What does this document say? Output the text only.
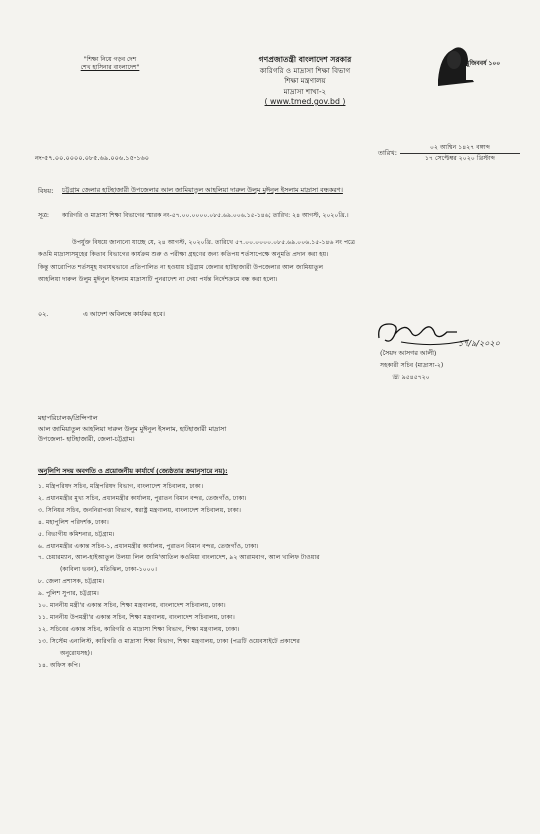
"শিক্ষা নিয়ে গড়ব দেশ
শেখ হাসিনার বাংলাদেশ"
গণপ্রজাতন্ত্রী বাংলাদেশ সরকার
কারিগরি ও মাদ্রাসা শিক্ষা বিভাগ
শিক্ষা মন্ত্রণালয়
মাদ্রাসা শাখা-২
( www.tmed.gov.bd )
মুজিববর্ষ ১০০
নং-৫৭.০০.০০০০.০৮৫.৬৯.০০৬.১৫-১৬০
তারিখ:
০২ আশ্বিন ১৪২৭ বঙ্গাব্দ
১৭ সেপ্টেম্বর ২০২০ খ্রিস্টাব্দ
বিষয়: চট্টগ্রাম জেলার হাটহাজারী উপজেলার আল জামিয়াতুল আহলিয়া দারুল উলুম মুঈনুল ইসলাম মাদ্রাসা বন্ধকরণ।
সূত্র: কারিগরি ও মাদ্রাসা শিক্ষা বিভাগের স্মারক নং-৫৭.০০.০০০০.০৮৫.৬৯.০০৬.১৫-১৪৬; তারিখ: ২৪ আগস্ট, ২০২০খ্রি.।
উপর্যুক্ত বিষয়ে জানানো যাচ্ছে যে, ২৪ আগস্ট, ২০২০খ্রি. তারিখে ৫৭.০০.০০০০.০৮৫.৬৯.০০৬.১৫-১৪৬ নং পত্রে
কওমি মাদ্রাসাসমূহের কিতাব বিভাগের কার্যক্রম শুরু ও পরীক্ষা গ্রহণের জন্য কতিপয় শর্তসাপেক্ষে অনুমতি প্রদান করা হয়।
কিন্তু আরোপিত শর্তসমূহ যথাযথভাবে প্রতিপালিত না হওয়ায় চট্টগ্রাম জেলার হাটহাজারী উপজেলার আল জামিয়াতুল
আহলিয়া দারুল উলুম মুঈনুল ইসলাম মাদ্রাসাটি পুনরাদেশ না দেয়া পর্যন্ত নির্দেশক্রমে বন্ধ করা হলো।
০২.	এ আদেশ অবিলম্বে কার্যকর হবে।
১৭/৯/২০২০
(সৈয়দ আসগর আলী)
সহকারী সচিব (মাদ্রাসা-২)
☏ ৯৫৪৫৭২০
মহাপরিচালক/প্রিন্সিপাল
আল জামিয়াতুল আহলিয়া দারুল উলুম মুঈনুল ইসলাম, হাটহাজারী মাদ্রাসা
উপজেলা- হাটহাজারী, জেলা-চট্টগ্রাম।
অনুলিপি সদয় অবগতি ও প্রয়োজনীয় কার্যার্থে (জ্যেষ্ঠতার ক্রমানুসারে নয়):
১. মন্ত্রিপরিষদ সচিব, মন্ত্রিপরিষদ বিভাগ, বাংলাদেশ সচিবালয়, ঢাকা।
২. প্রধানমন্ত্রীর মুখ্য সচিব, প্রধানমন্ত্রীর কার্যালয়, পুরাতন বিমান বন্দর, তেজগাঁও, ঢাকা।
৩. সিনিয়র সচিব, জননিরাপত্তা বিভাগ, স্বরাষ্ট্র মন্ত্রণালয়, বাংলাদেশ সচিবালয়, ঢাকা।
৪. মহাপুলিশ পরিদর্শক, ঢাকা।
৫. বিভাগীয় কমিশনার, চট্টগ্রাম।
৬. প্রধানমন্ত্রীর একান্ত সচিব-১, প্রধানমন্ত্রীর কার্যালয়, পুরাতন বিমান বন্দর, তেজগাঁও, ঢাকা।
৭. চেয়ারম্যান, আল-হাইআতুল উলয়া লিল জামি'আতিল কওমিয়া বাংলাদেশ, ৯২ আরামবাগ, আল খালিফ টাওয়ার
(কাবিলা ভবন), মতিঝিল, ঢাকা-১০০০।
৮. জেলা প্রশাসক, চট্টগ্রাম।
৯. পুলিশ সুপার, চট্টগ্রাম।
১০. মাননীয় মন্ত্রী'র একান্ত সচিব, শিক্ষা মন্ত্রণালয়, বাংলাদেশ সচিবালয়, ঢাকা।
১১. মাননীয় উপমন্ত্রী'র একান্ত সচিব, শিক্ষা মন্ত্রণালয়, বাংলাদেশ সচিবালয়, ঢাকা।
১২. সচিবের একান্ত সচিব, কারিগরি ও মাদ্রাসা শিক্ষা বিভাগ, শিক্ষা মন্ত্রণালয়, ঢাকা।
১৩. সিস্টেম এনালিস্ট, কারিগরি ও মাদ্রাসা শিক্ষা বিভাগ, শিক্ষা মন্ত্রণালয়, ঢাকা (পত্রটি ওয়েবসাইটে প্রকাশের
অনুরোধসহ)।
১৪. অফিস কপি।
